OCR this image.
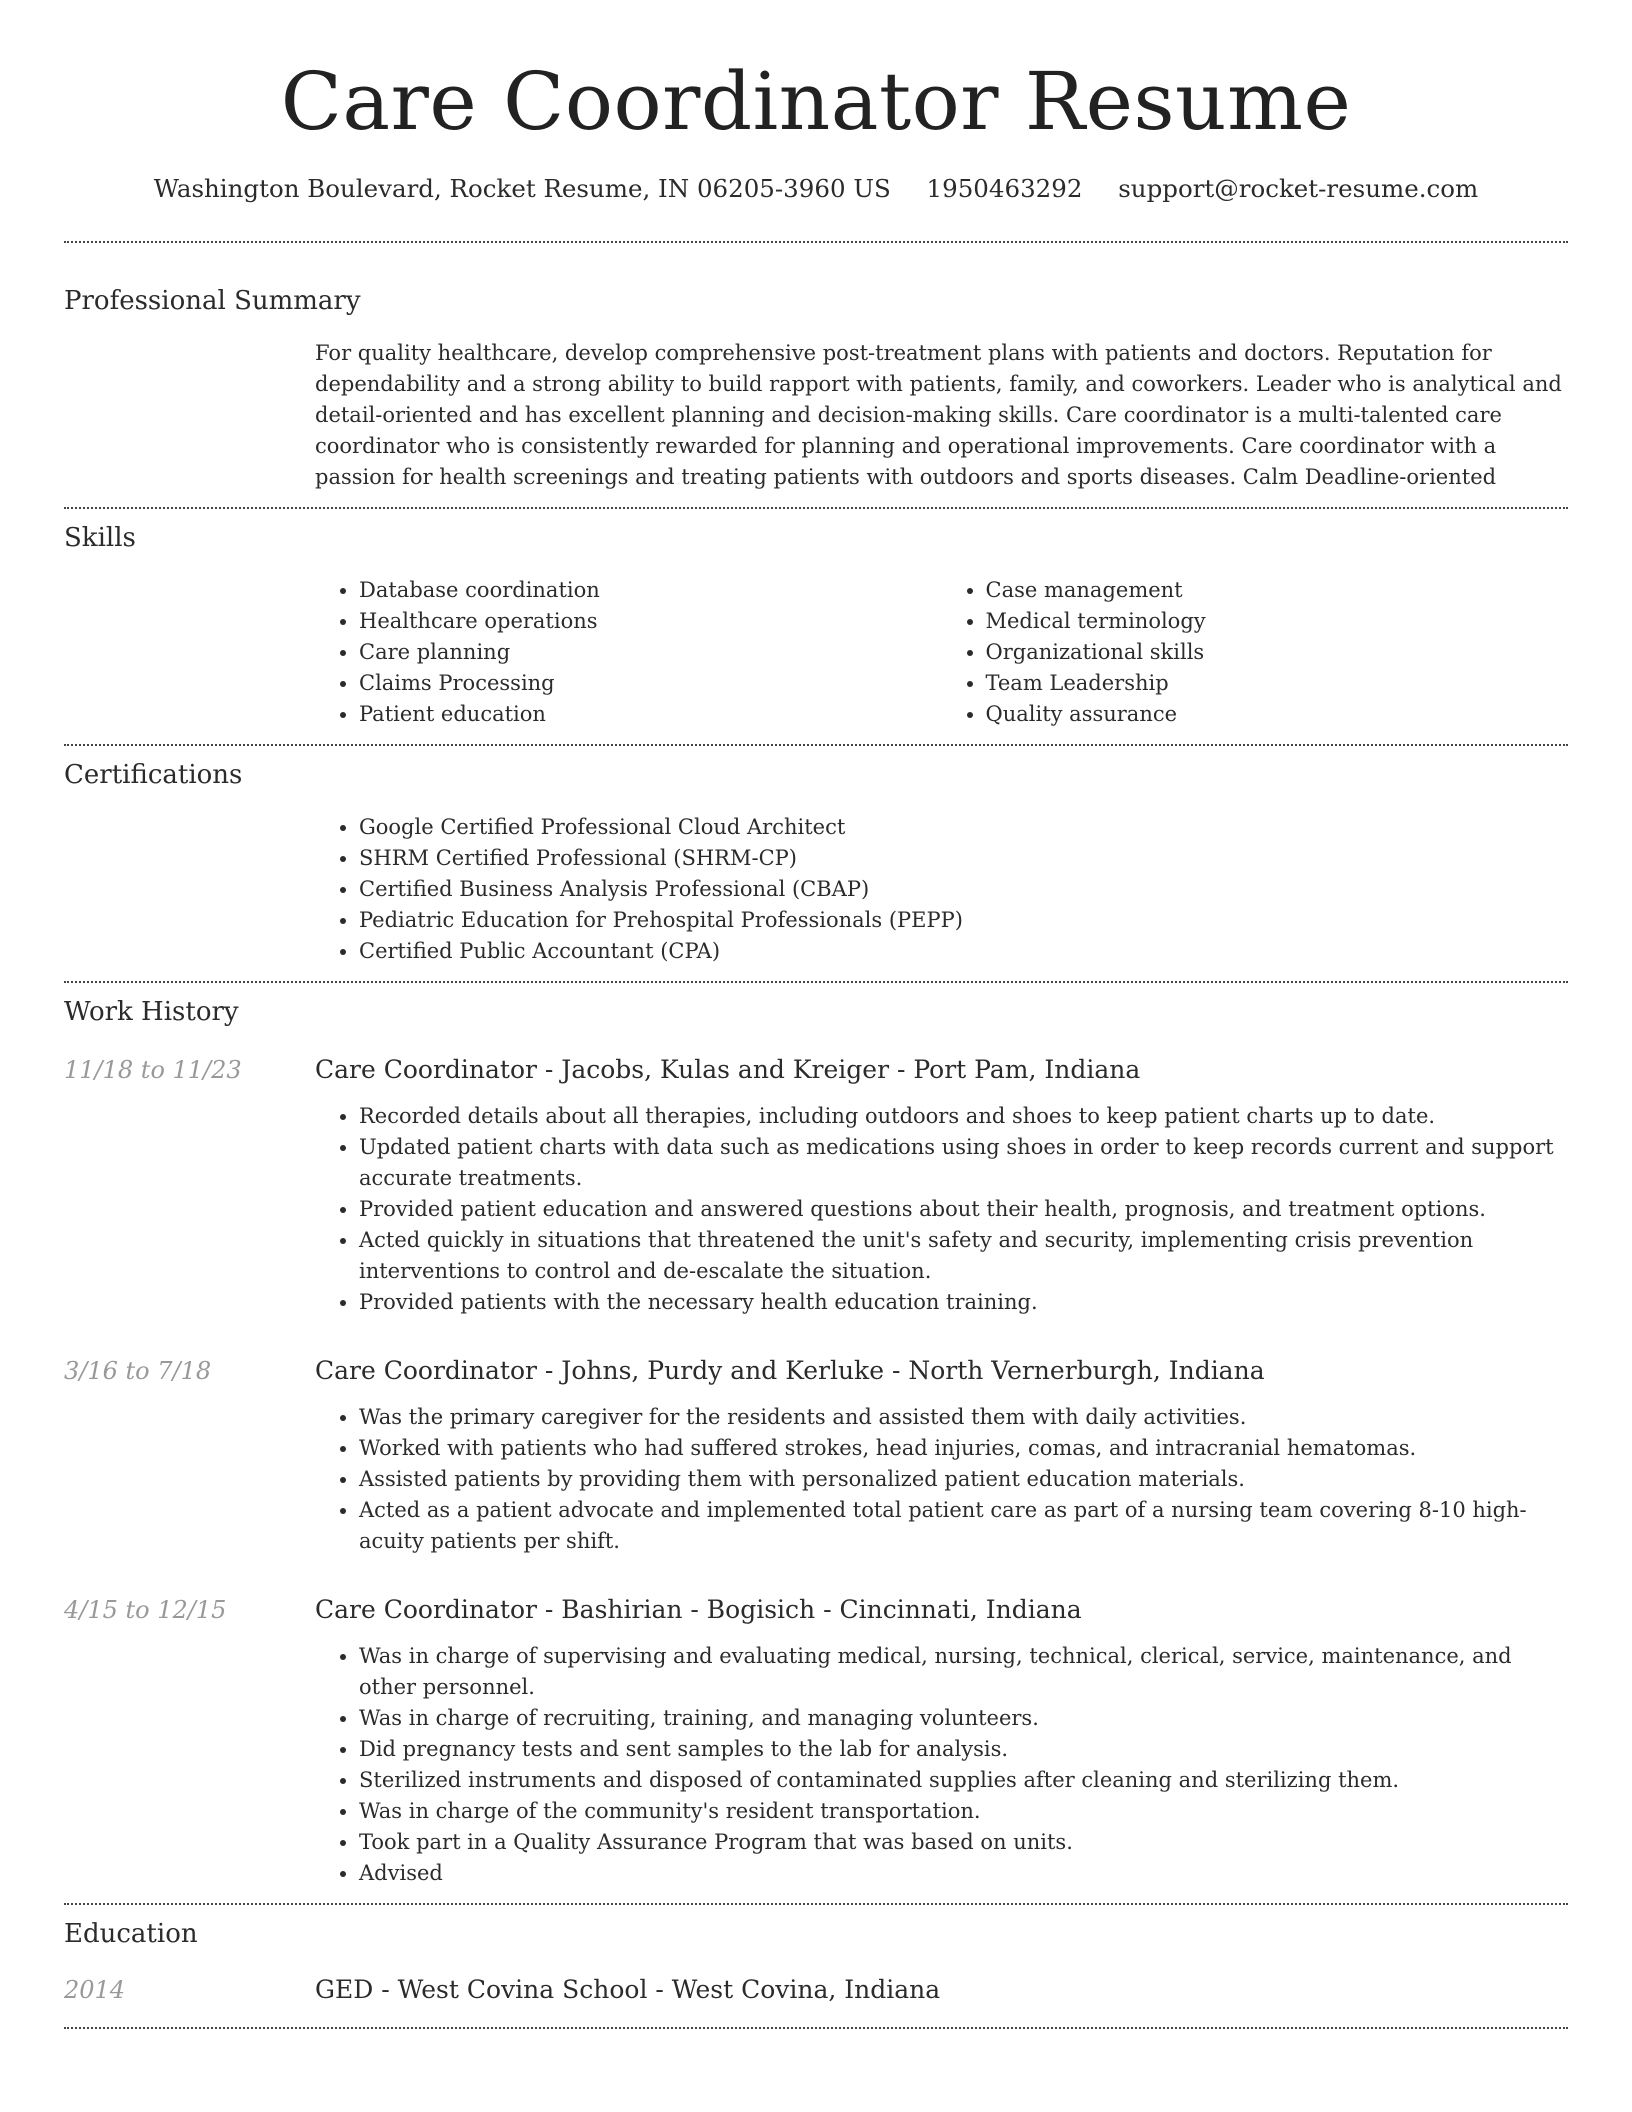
Care Coordinator Resume
Washington Boulevard, Rocket Resume, IN 06205-3960 US 1950463292 support@rocket-resume.com
Professional Summary
For quality healthcare, develop comprehensive post-treatment plans with patients and doctors. Reputation for dependability and a strong ability to build rapport with patients, family, and coworkers. Leader who is analytical and detail-oriented and has excellent planning and decision-making skills. Care coordinator is a multi-talented care coordinator who is consistently rewarded for planning and operational improvements. Care coordinator with a passion for health screenings and treating patients with outdoors and sports diseases. Calm Deadline-oriented
Skills
• Database coordination
• Healthcare operations
• Care planning
• Claims Processing
• Patient education
• Case management
• Medical terminology
• Organizational skills
• Team Leadership
• Quality assurance
Certifications
• Google Certified Professional Cloud Architect
• SHRM Certified Professional (SHRM-CP)
• Certified Business Analysis Professional (CBAP)
• Pediatric Education for Prehospital Professionals (PEPP)
• Certified Public Accountant (CPA)
Work History
11/18 to 11/23	Care Coordinator - Jacobs, Kulas and Kreiger - Port Pam, Indiana
• Recorded details about all therapies, including outdoors and shoes to keep patient charts up to date.
• Updated patient charts with data such as medications using shoes in order to keep records current and support accurate treatments.
• Provided patient education and answered questions about their health, prognosis, and treatment options.
• Acted quickly in situations that threatened the unit's safety and security, implementing crisis prevention interventions to control and de-escalate the situation.
• Provided patients with the necessary health education training.
3/16 to 7/18	Care Coordinator - Johns, Purdy and Kerluke - North Vernerburgh, Indiana
• Was the primary caregiver for the residents and assisted them with daily activities.
• Worked with patients who had suffered strokes, head injuries, comas, and intracranial hematomas.
• Assisted patients by providing them with personalized patient education materials.
• Acted as a patient advocate and implemented total patient care as part of a nursing team covering 8-10 high-acuity patients per shift.
4/15 to 12/15	Care Coordinator - Bashirian - Bogisich - Cincinnati, Indiana
• Was in charge of supervising and evaluating medical, nursing, technical, clerical, service, maintenance, and other personnel.
• Was in charge of recruiting, training, and managing volunteers.
• Did pregnancy tests and sent samples to the lab for analysis.
• Sterilized instruments and disposed of contaminated supplies after cleaning and sterilizing them.
• Was in charge of the community's resident transportation.
• Took part in a Quality Assurance Program that was based on units.
• Advised
Education
2014	GED - West Covina School - West Covina, Indiana
